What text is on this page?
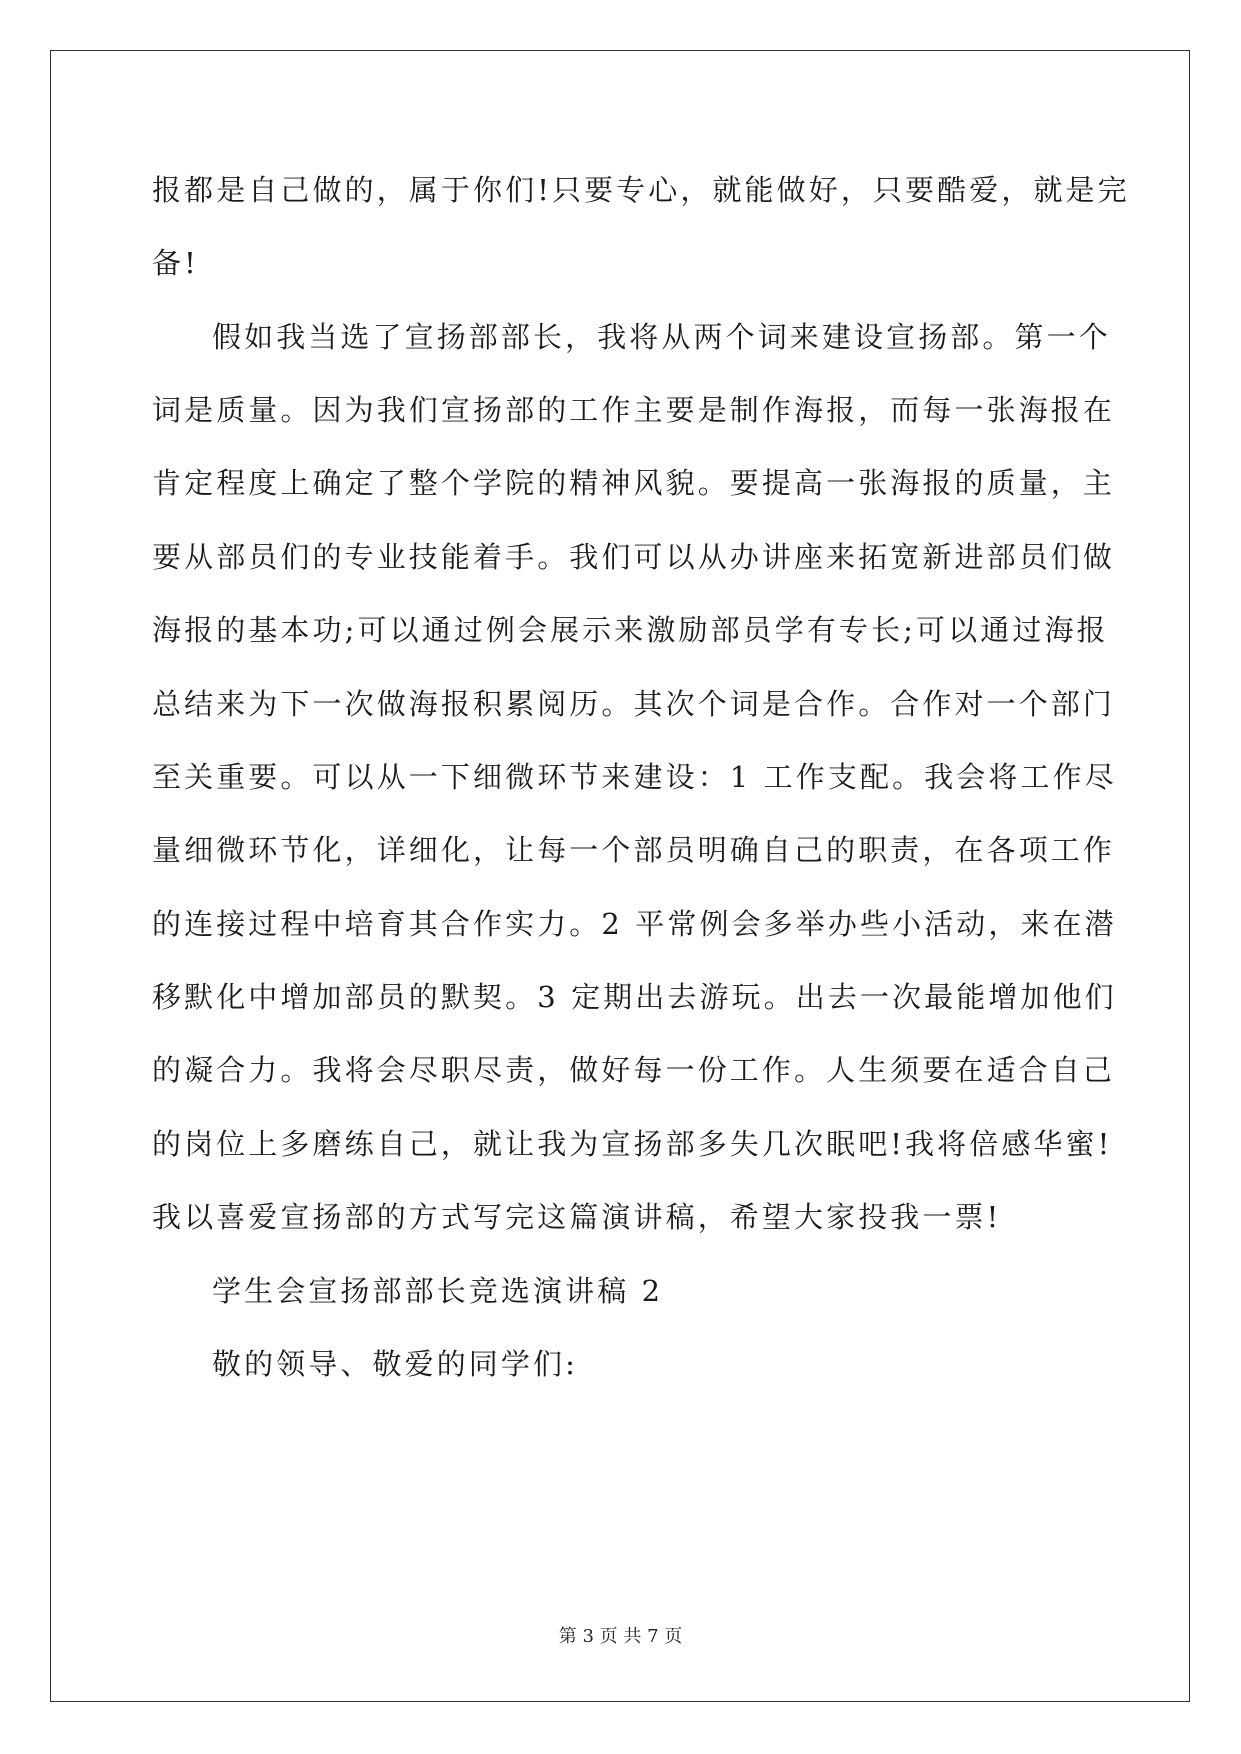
报都是自己做的，属于你们!只要专心，就能做好，只要酷爱，就是完
备!
假如我当选了宣扬部部长，我将从两个词来建设宣扬部。第一个
词是质量。因为我们宣扬部的工作主要是制作海报，而每一张海报在
肯定程度上确定了整个学院的精神风貌。要提高一张海报的质量，主
要从部员们的专业技能着手。我们可以从办讲座来拓宽新进部员们做
海报的基本功;可以通过例会展示来激励部员学有专长;可以通过海报
总结来为下一次做海报积累阅历。其次个词是合作。合作对一个部门
至关重要。可以从一下细微环节来建设：1 工作支配。我会将工作尽
量细微环节化，详细化，让每一个部员明确自己的职责，在各项工作
的连接过程中培育其合作实力。2 平常例会多举办些小活动，来在潜
移默化中增加部员的默契。3 定期出去游玩。出去一次最能增加他们
的凝合力。我将会尽职尽责，做好每一份工作。人生须要在适合自己
的岗位上多磨练自己，就让我为宣扬部多失几次眠吧!我将倍感华蜜!
我以喜爱宣扬部的方式写完这篇演讲稿，希望大家投我一票!
学生会宣扬部部长竞选演讲稿 2
敬的领导、敬爱的同学们:
第 3 页 共 7 页
